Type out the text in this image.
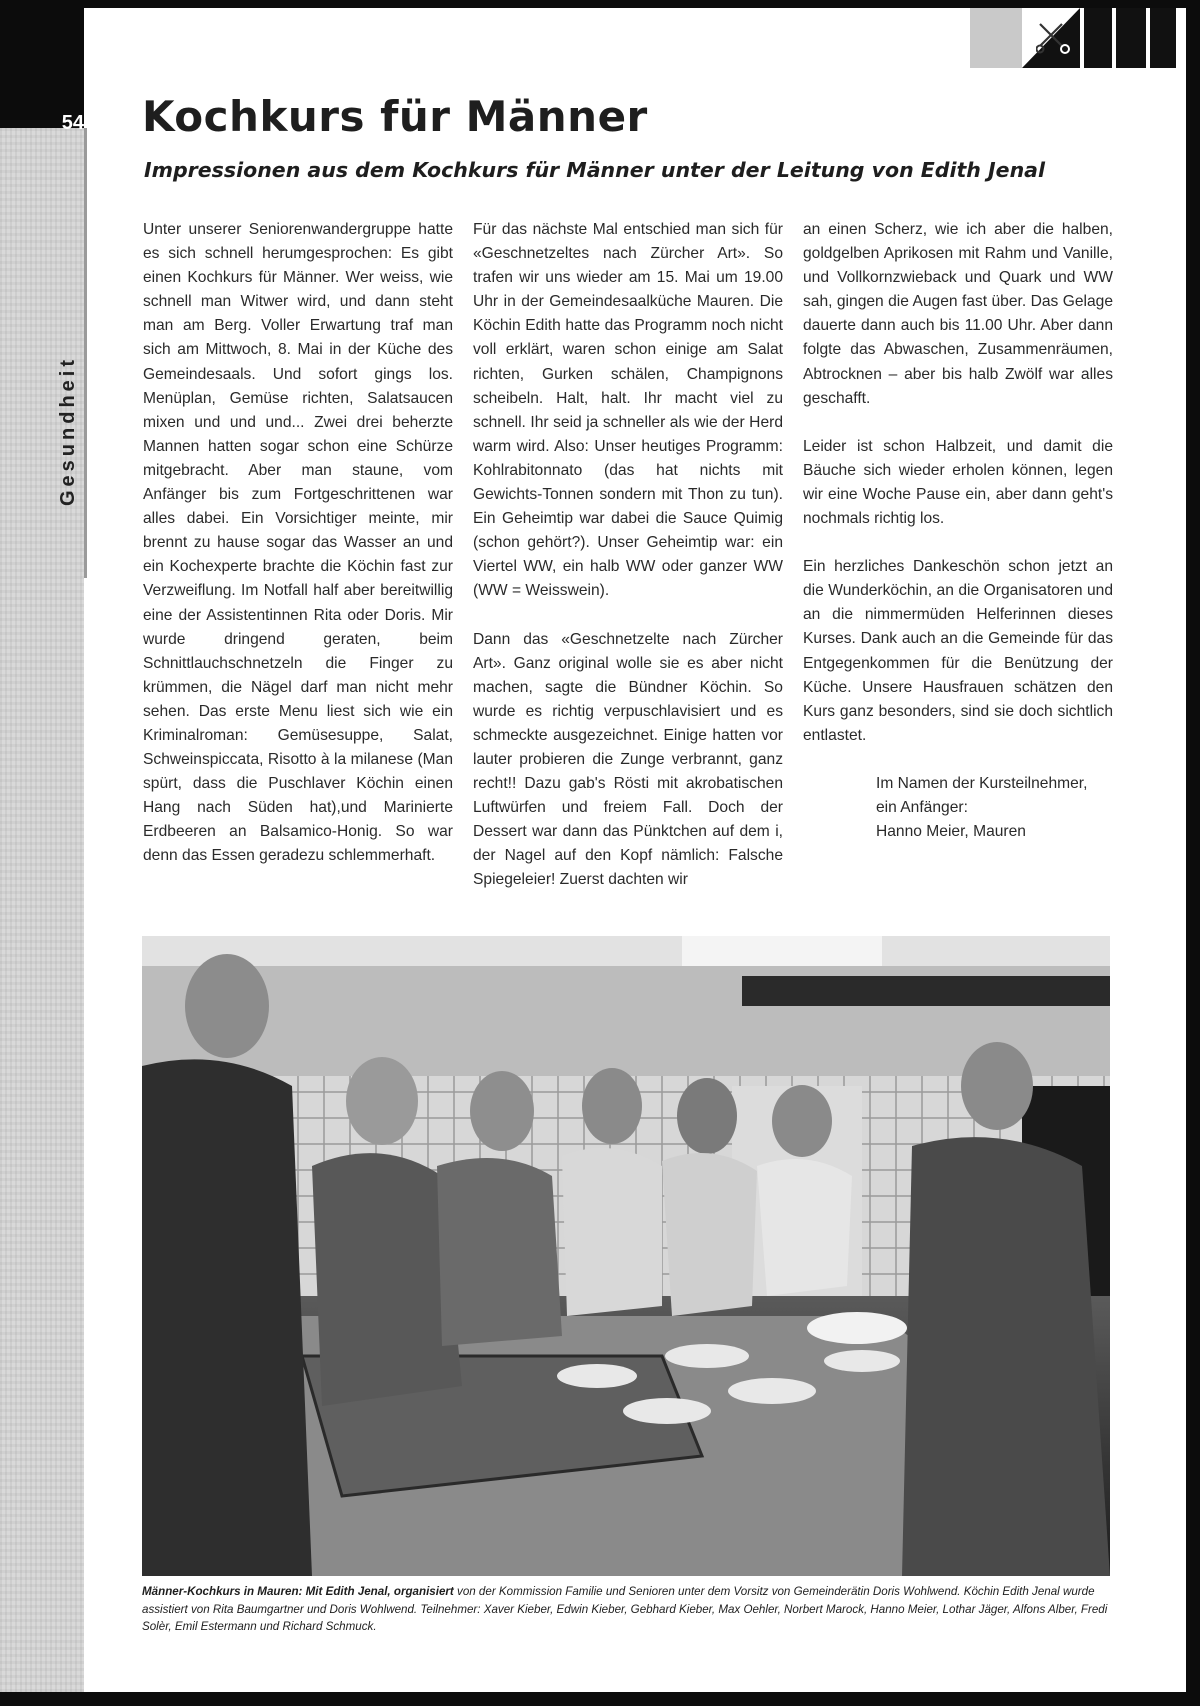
54
Gesundheit
Kochkurs für Männer
Impressionen aus dem Kochkurs für Männer unter der Leitung von Edith Jenal

Unter unserer Seniorenwandergruppe hatte es sich schnell herumgesprochen: Es gibt einen Kochkurs für Männer. Wer weiss, wie schnell man Witwer wird, und dann steht man am Berg. Voller Erwartung traf man sich am Mittwoch, 8. Mai in der Küche des Gemeindesaals. Und sofort gings los. Menüplan, Gemüse richten, Salatsaucen mixen und und und... Zwei drei beherzte Mannen hatten sogar schon eine Schürze mitgebracht. Aber man staune, vom Anfänger bis zum Fortgeschrittenen war alles dabei. Ein Vorsichtiger meinte, mir brennt zu hause sogar das Wasser an und ein Kochexperte brachte die Köchin fast zur Verzweiflung. Im Notfall half aber bereitwillig eine der Assistentinnen Rita oder Doris. Mir wurde dringend geraten, beim Schnittlauchschnetzeln die Finger zu krümmen, die Nägel darf man nicht mehr sehen. Das erste Menu liest sich wie ein Kriminalroman: Gemüsesuppe, Salat, Schweinspiccata, Risotto à la milanese (Man spürt, dass die Puschlaver Köchin einen Hang nach Süden hat),und Marinierte Erdbeeren an Balsamico-Honig. So war denn das Essen geradezu schlemmerhaft.

Für das nächste Mal entschied man sich für «Geschnetzeltes nach Zürcher Art». So trafen wir uns wieder am 15. Mai um 19.00 Uhr in der Gemeindesaalküche Mauren. Die Köchin Edith hatte das Programm noch nicht voll erklärt, waren schon einige am Salat richten, Gurken schälen, Champignons scheibeln. Halt, halt. Ihr macht viel zu schnell. Ihr seid ja schneller als wie der Herd warm wird. Also: Unser heutiges Programm: Kohlrabitonnato (das hat nichts mit Gewichts-Tonnen sondern mit Thon zu tun). Ein Geheimtip war dabei die Sauce Quimig (schon gehört?). Unser Geheimtip war: ein Viertel WW, ein halb WW oder ganzer WW (WW = Weisswein).

Dann das «Geschnetzelte nach Zürcher Art». Ganz original wolle sie es aber nicht machen, sagte die Bündner Köchin. So wurde es richtig verpuschlavisiert und es schmeckte ausgezeichnet. Einige hatten vor lauter probieren die Zunge verbrannt, ganz recht!! Dazu gab's Rösti mit akrobatischen Luftwürfen und freiem Fall. Doch der Dessert war dann das Pünktchen auf dem i, der Nagel auf den Kopf nämlich: Falsche Spiegeleier! Zuerst dachten wir

an einen Scherz, wie ich aber die halben, goldgelben Aprikosen mit Rahm und Vanille, und Vollkornzwieback und Quark und WW sah, gingen die Augen fast über. Das Gelage dauerte dann auch bis 11.00 Uhr. Aber dann folgte das Abwaschen, Zusammenräumen, Abtrocknen – aber bis halb Zwölf war alles geschafft.

Leider ist schon Halbzeit, und damit die Bäuche sich wieder erholen können, legen wir eine Woche Pause ein, aber dann geht's nochmals richtig los.

Ein herzliches Dankeschön schon jetzt an die Wunderköchin, an die Organisatoren und an die nimmermüden Helferinnen dieses Kurses. Dank auch an die Gemeinde für das Entgegenkommen für die Benützung der Küche. Unsere Hausfrauen schätzen den Kurs ganz besonders, sind sie doch sichtlich entlastet.

Im Namen der Kursteilnehmer,
ein Anfänger:
Hanno Meier, Mauren

Männer-Kochkurs in Mauren: Mit Edith Jenal, organisiert von der Kommission Familie und Senioren unter dem Vorsitz von Gemeinderätin Doris Wohlwend. Köchin Edith Jenal wurde assistiert von Rita Baumgartner und Doris Wohlwend. Teilnehmer: Xaver Kieber, Edwin Kieber, Gebhard Kieber, Max Oehler, Norbert Marock, Hanno Meier, Lothar Jäger, Alfons Alber, Fredi Solèr, Emil Estermann und Richard Schmuck.
